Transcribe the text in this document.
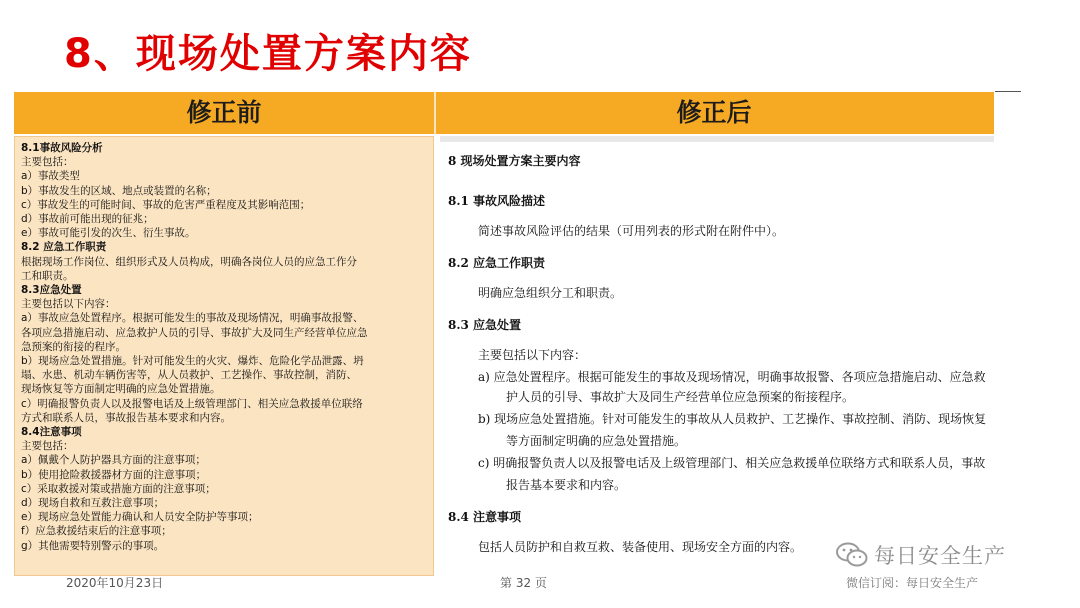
8、现场处置方案内容
修正前	修正后
8.1事故风险分析
主要包括：
a）事故类型
b）事故发生的区域、地点或装置的名称；
c）事故发生的可能时间、事故的危害严重程度及其影响范围；
d）事故前可能出现的征兆；
e）事故可能引发的次生、衍生事故。
8.2 应急工作职责
根据现场工作岗位、组织形式及人员构成，明确各岗位人员的应急工作分
工和职责。
8.3应急处置
主要包括以下内容：
a）事故应急处置程序。根据可能发生的事故及现场情况，明确事故报警、
各项应急措施启动、应急救护人员的引导、事故扩大及同生产经营单位应急
急预案的衔接的程序。
b）现场应急处置措施。针对可能发生的火灾、爆炸、危险化学品泄露、坍
塌、水患、机动车辆伤害等，从人员救护、工艺操作、事故控制，消防、
现场恢复等方面制定明确的应急处置措施。
c）明确报警负责人以及报警电话及上级管理部门、相关应急救援单位联络
方式和联系人员，事故报告基本要求和内容。
8.4注意事项
主要包括：
a）佩戴个人防护器具方面的注意事项；
b）使用抢险救援器材方面的注意事项；
c）采取救援对策或措施方面的注意事项；
d）现场自救和互救注意事项；
e）现场应急处置能力确认和人员安全防护等事项；
f）应急救援结束后的注意事项；
g）其他需要特别警示的事项。
8 现场处置方案主要内容
8.1 事故风险描述
简述事故风险评估的结果（可用列表的形式附在附件中）。
8.2 应急工作职责
明确应急组织分工和职责。
8.3 应急处置
主要包括以下内容：
a) 应急处置程序。根据可能发生的事故及现场情况，明确事故报警、各项应急措施启动、应急救
护人员的引导、事故扩大及同生产经营单位应急预案的衔接程序。
b) 现场应急处置措施。针对可能发生的事故从人员救护、工艺操作、事故控制、消防、现场恢复
等方面制定明确的应急处置措施。
c) 明确报警负责人以及报警电话及上级管理部门、相关应急救援单位联络方式和联系人员，事故
报告基本要求和内容。
8.4 注意事项
包括人员防护和自救互救、装备使用、现场安全方面的内容。
2020年10月23日	第 32 页
每日安全生产
微信订阅：每日安全生产
